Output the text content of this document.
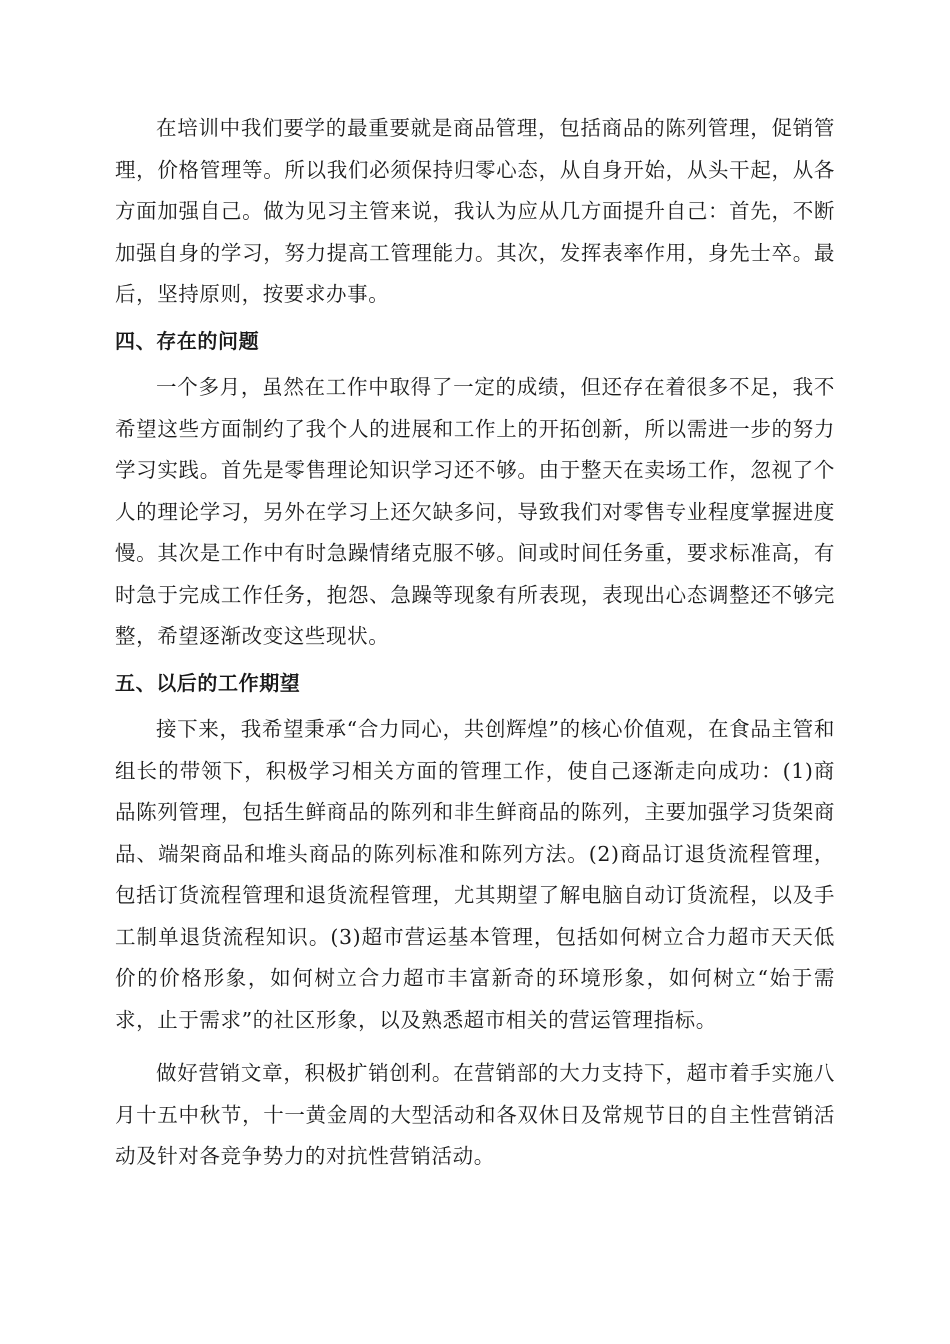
在培训中我们要学的最重要就是商品管理，包括商品的陈列管理，促销管理，价格管理等。所以我们必须保持归零心态，从自身开始，从头干起，从各方面加强自己。做为见习主管来说，我认为应从几方面提升自己：首先，不断加强自身的学习，努力提高工管理能力。其次，发挥表率作用，身先士卒。最后，坚持原则，按要求办事。

四、存在的问题

一个多月，虽然在工作中取得了一定的成绩，但还存在着很多不足，我不希望这些方面制约了我个人的进展和工作上的开拓创新，所以需进一步的努力学习实践。首先是零售理论知识学习还不够。由于整天在卖场工作，忽视了个人的理论学习，另外在学习上还欠缺多问，导致我们对零售专业程度掌握进度慢。其次是工作中有时急躁情绪克服不够。间或时间任务重，要求标准高，有时急于完成工作任务，抱怨、急躁等现象有所表现，表现出心态调整还不够完整，希望逐渐改变这些现状。

五、以后的工作期望

接下来，我希望秉承“合力同心，共创辉煌”的核心价值观，在食品主管和组长的带领下，积极学习相关方面的管理工作，使自己逐渐走向成功：(1)商品陈列管理，包括生鲜商品的陈列和非生鲜商品的陈列，主要加强学习货架商品、端架商品和堆头商品的陈列标准和陈列方法。(2)商品订退货流程管理，包括订货流程管理和退货流程管理，尤其期望了解电脑自动订货流程，以及手工制单退货流程知识。(3)超市营运基本管理，包括如何树立合力超市天天低价的价格形象，如何树立合力超市丰富新奇的环境形象，如何树立“始于需求，止于需求”的社区形象，以及熟悉超市相关的营运管理指标。

做好营销文章，积极扩销创利。在营销部的大力支持下，超市着手实施八月十五中秋节，十一黄金周的大型活动和各双休日及常规节日的自主性营销活动及针对各竞争势力的对抗性营销活动。
